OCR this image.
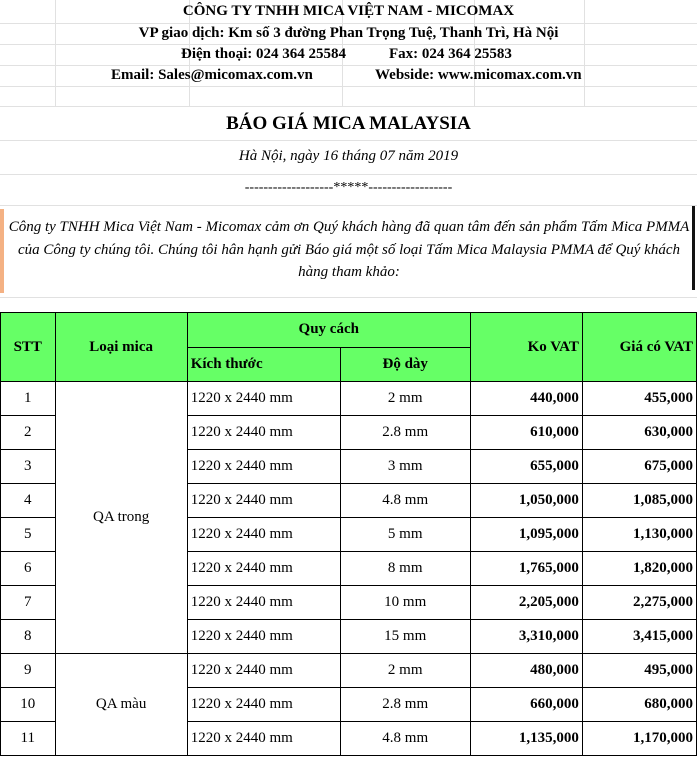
CÔNG TY TNHH MICA VIỆT NAM - MICOMAX
VP giao dịch: Km số 3 đường Phan Trọng Tuệ, Thanh Trì, Hà Nội
Điện thoại: 024 364 25584	Fax: 024 364 25583
Email: Sales@micomax.com.vn	Webside: www.micomax.com.vn
BÁO GIÁ MICA MALAYSIA
Hà Nội, ngày 16 tháng 07 năm 2019
-------------------*****------------------
Công ty TNHH Mica Việt Nam - Micomax cảm ơn Quý khách hàng đã quan tâm đến sản phẩm Tấm Mica PMMA của Công ty chúng tôi. Chúng tôi hân hạnh gửi Báo giá một số loại Tấm Mica Malaysia PMMA để Quý khách hàng tham khảo:
STT	Loại mica	Quy cách		Ko VAT	Giá có VAT
		Kích thước	Độ dày		
1	QA trong	1220 x 2440 mm	2 mm	440,000	455,000
2		1220 x 2440 mm	2.8 mm	610,000	630,000
3		1220 x 2440 mm	3 mm	655,000	675,000
4		1220 x 2440 mm	4.8 mm	1,050,000	1,085,000
5		1220 x 2440 mm	5 mm	1,095,000	1,130,000
6		1220 x 2440 mm	8 mm	1,765,000	1,820,000
7		1220 x 2440 mm	10 mm	2,205,000	2,275,000
8		1220 x 2440 mm	15 mm	3,310,000	3,415,000
9	QA màu	1220 x 2440 mm	2 mm	480,000	495,000
10		1220 x 2440 mm	2.8 mm	660,000	680,000
11		1220 x 2440 mm	4.8 mm	1,135,000	1,170,000
